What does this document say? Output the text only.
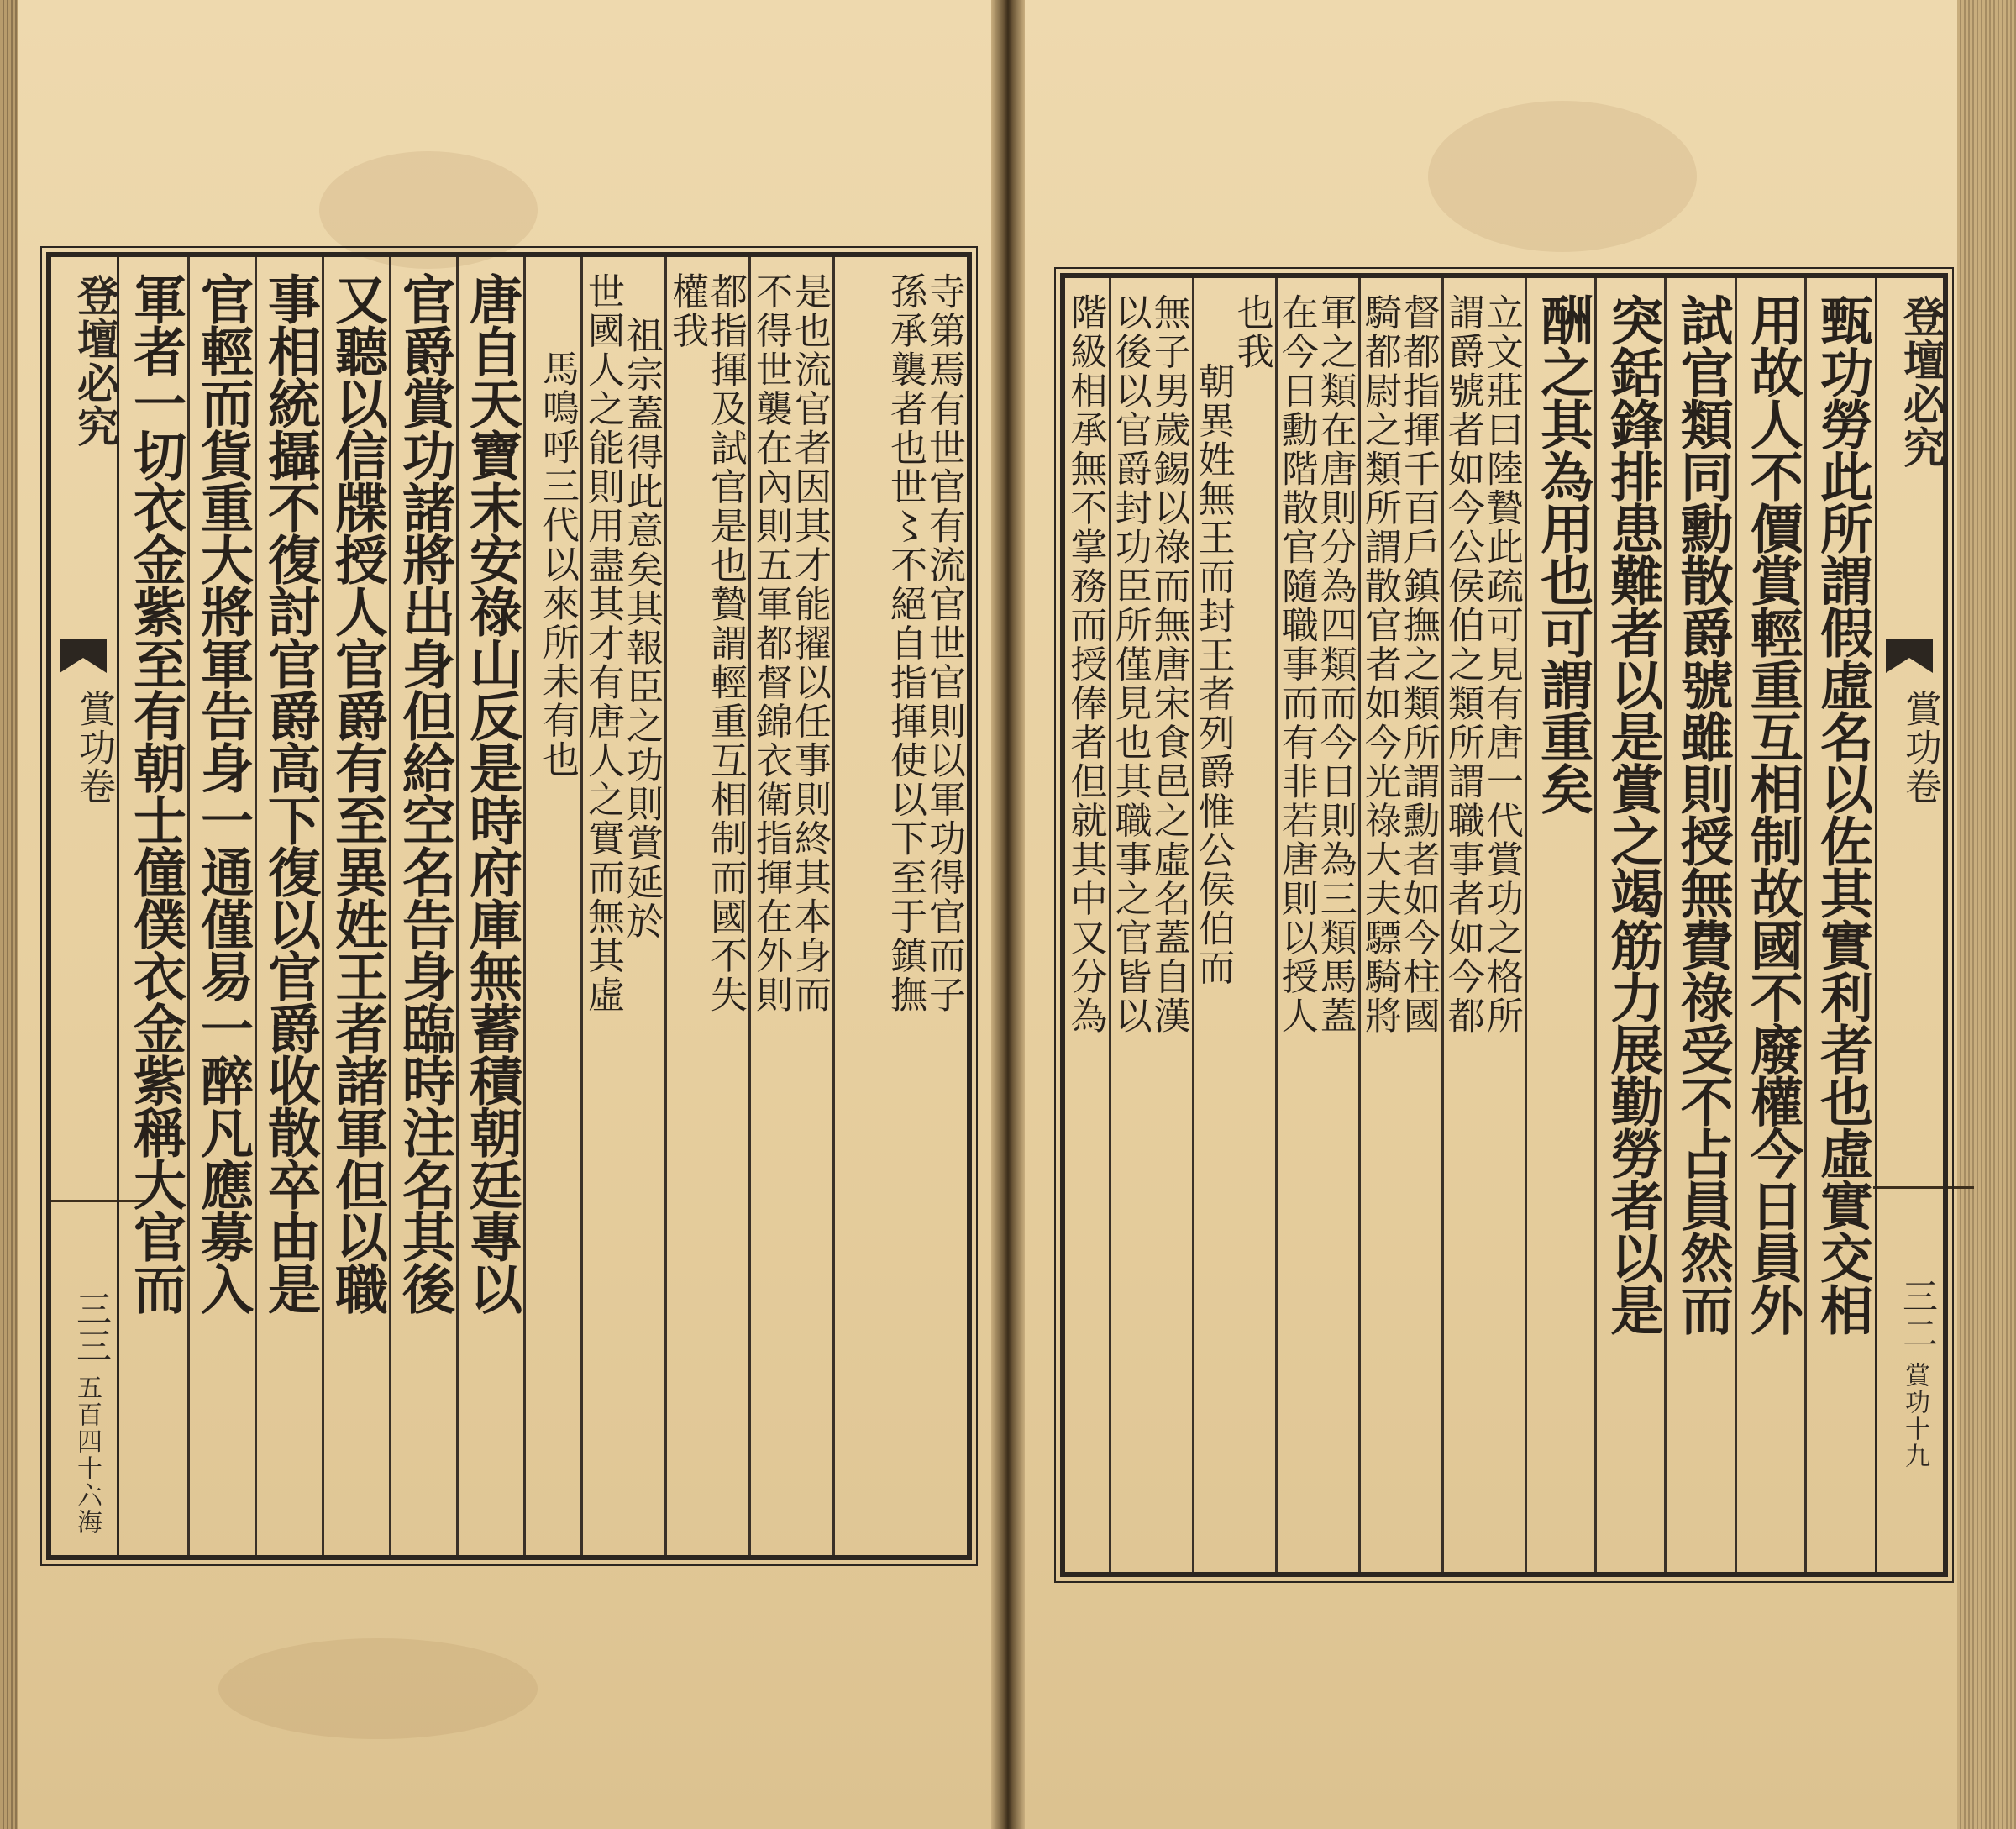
登壇必究
賞功卷
三三
五百四十六海
寺第焉有世官有流官世官則以軍功得官而子
孫承襲者也世〻不絕自指揮使以下至于鎮撫
是也流官者因其才能擢以任事則終其本身而
不得世襲在內則五軍都督錦衣衛指揮在外則
都指揮及試官是也贄謂輕重互相制而國不失
權我
祖宗蓋得此意矣其報臣之功則賞延於
世國人之能則用盡其才有唐人之實而無其虛
馬鳴呼三代以來所未有也
唐自天寶末安祿山反是時府庫無蓄積朝廷專以
官爵賞功諸將出身但給空名告身臨時注名其後
又聽以信牒授人官爵有至異姓王者諸軍但以職
事相統攝不復討官爵高下復以官爵收散卒由是
官輕而貨重大將軍告身一通僅易一醉凡應募入
軍者一切衣金紫至有朝士僮僕衣金紫稱大官而	登壇必究
賞功卷
三二
賞功十九
甄功勞此所謂假虛名以佐其實利者也虛實交相
用故人不價賞輕重互相制故國不廢權今日員外
試官類同勳散爵號雖則授無費祿受不占員然而
突銛鋒排患難者以是賞之竭筋力展勤勞者以是
酬之其為用也可謂重矣
立文莊曰陸贄此疏可見有唐一代賞功之格所
謂爵號者如今公侯伯之類所謂職事者如今都
督都指揮千百戶鎮撫之類所謂勳者如今柱國
騎都尉之類所謂散官者如今光祿大夫驃騎將
軍之類在唐則分為四類而今日則為三類馬蓋
在今日勳階散官隨職事而有非若唐則以授人
也我
朝異姓無王而封王者列爵惟公侯伯而
無子男歲錫以祿而無唐宋食邑之虛名蓋自漢
以後以官爵封功臣所僅見也其職事之官皆以
階級相承無不掌務而授俸者但就其中又分為
